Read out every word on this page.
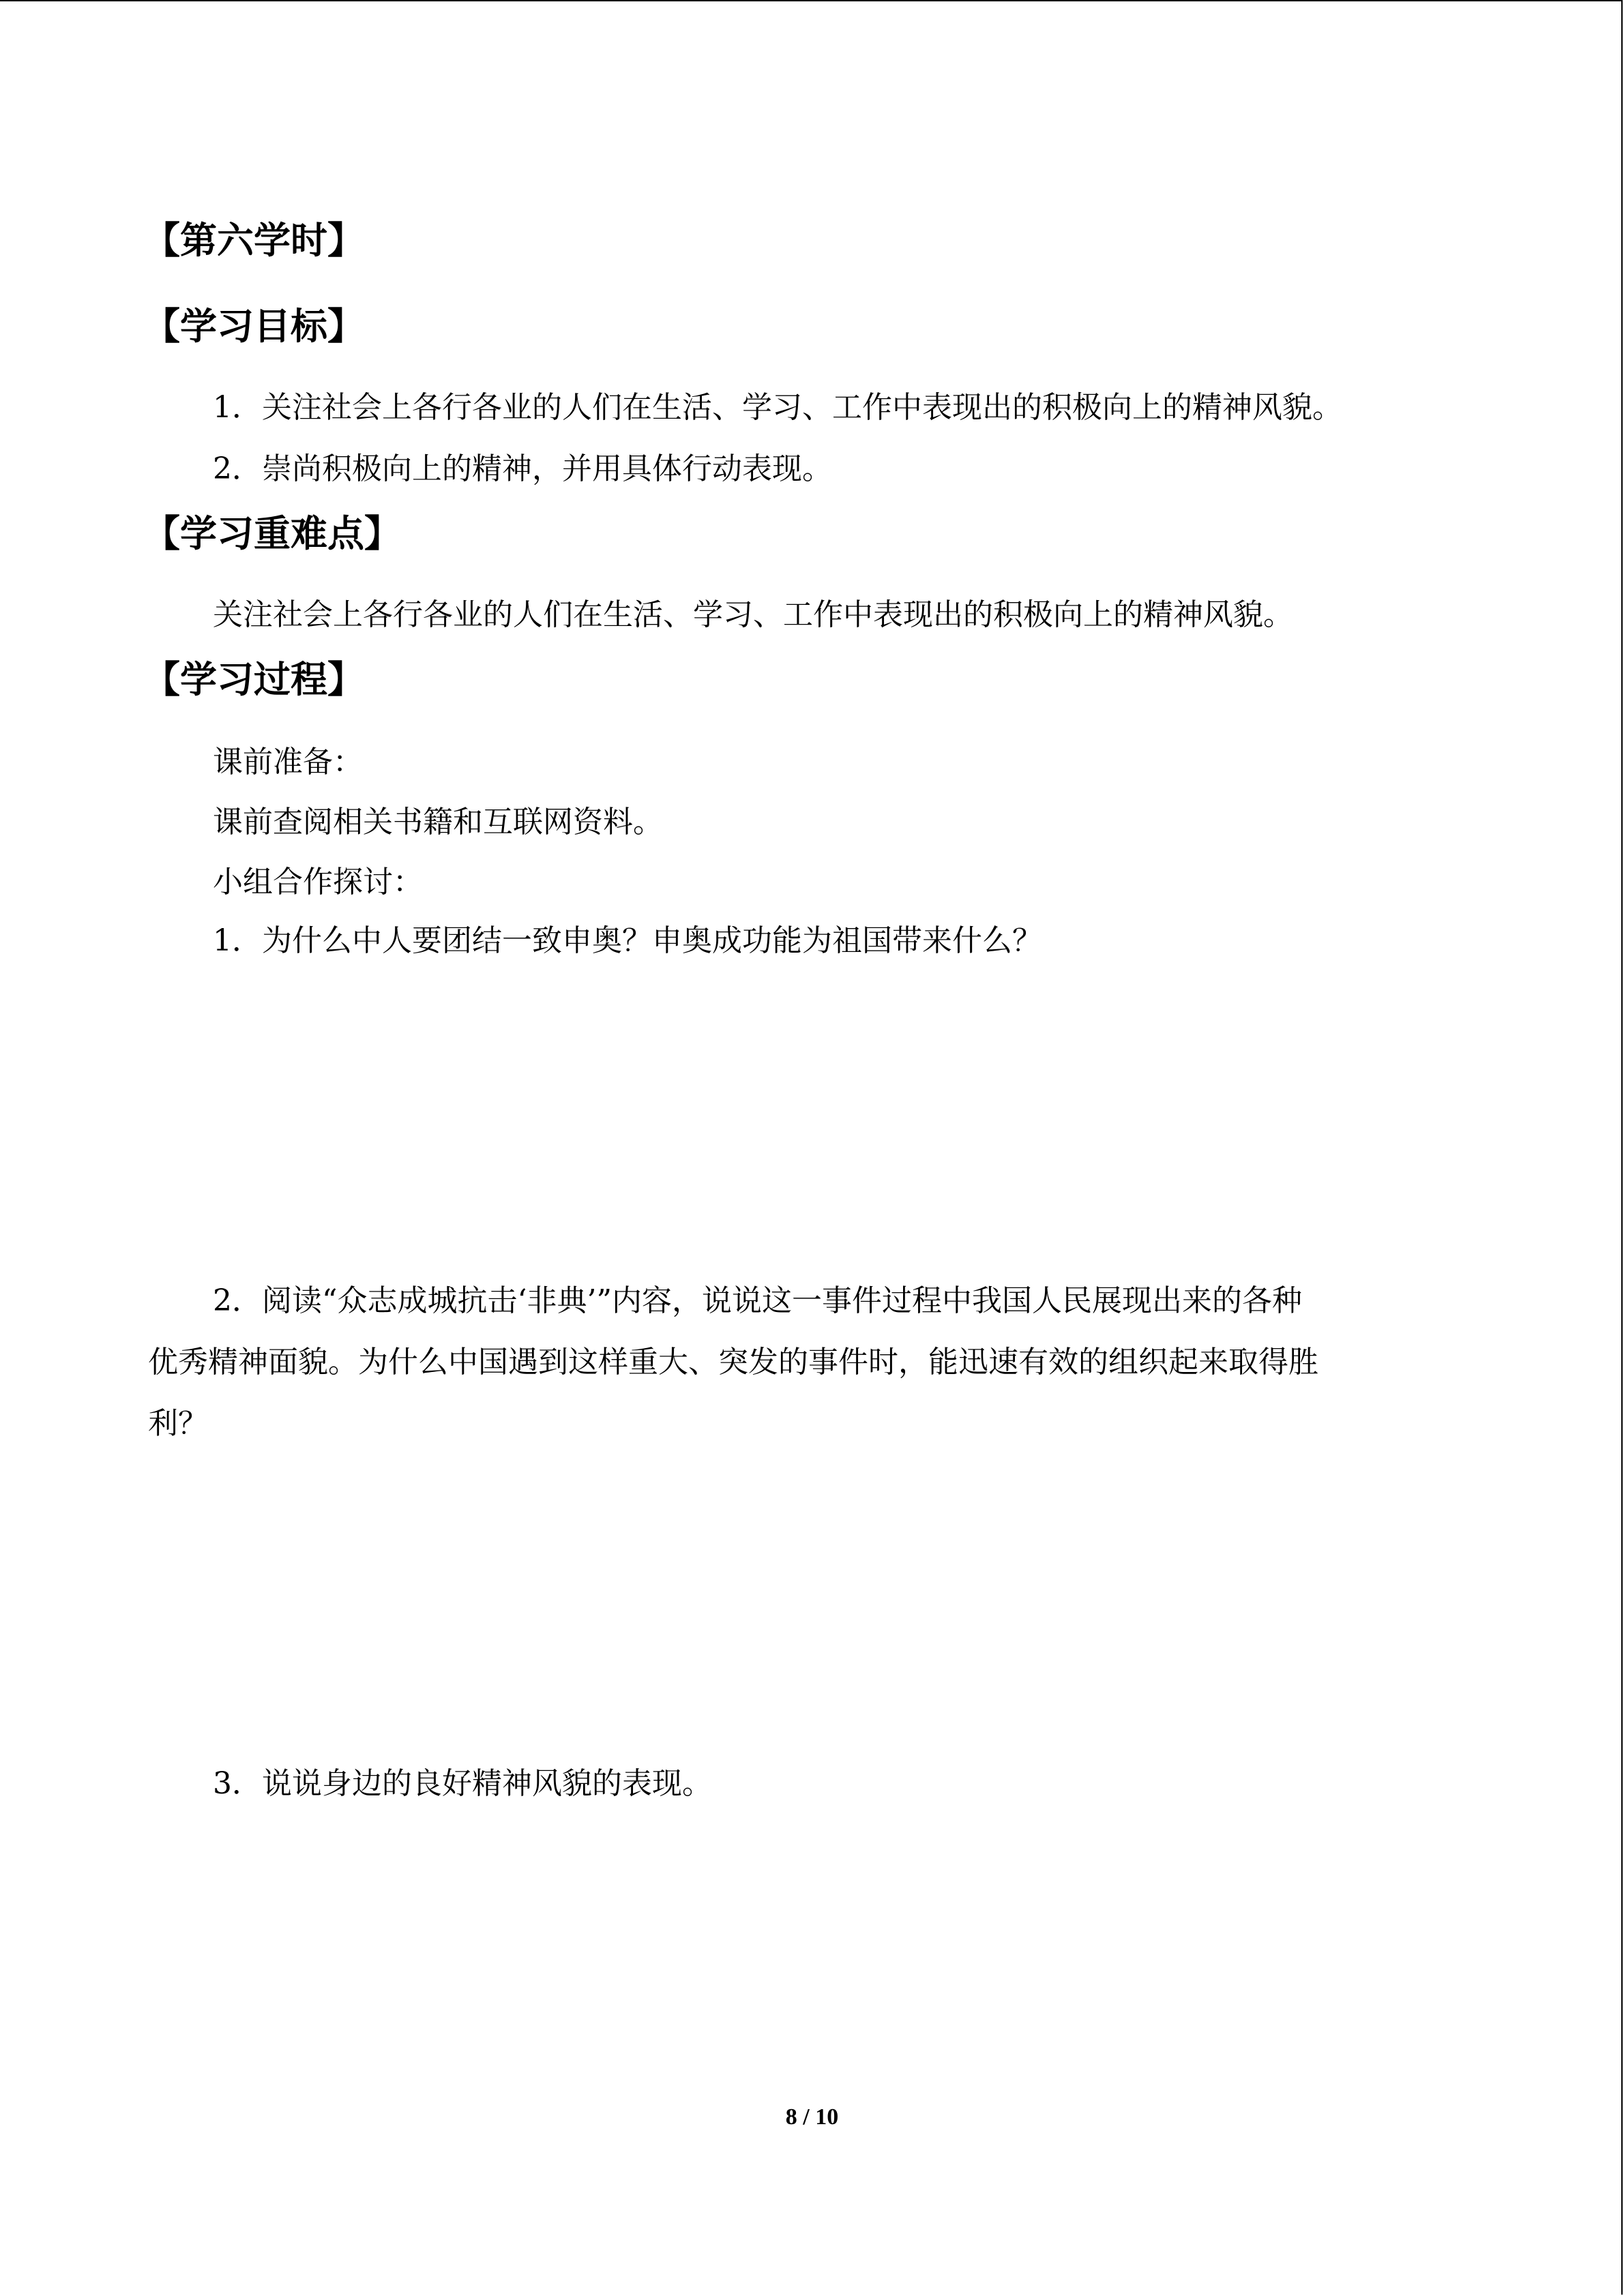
【第六学时】
【学习目标】
1．关注社会上各行各业的人们在生活、学习、工作中表现出的积极向上的精神风貌。
2．崇尚积极向上的精神，并用具体行动表现。
【学习重难点】
关注社会上各行各业的人们在生活、学习、工作中表现出的积极向上的精神风貌。
【学习过程】
课前准备：
课前查阅相关书籍和互联网资料。
小组合作探讨：
1．为什么中人要团结一致申奥？申奥成功能为祖国带来什么？
2．阅读“众志成城抗击‘非典’”内容，说说这一事件过程中我国人民展现出来的各种
优秀精神面貌。为什么中国遇到这样重大、突发的事件时，能迅速有效的组织起来取得胜
利？
3．说说身边的良好精神风貌的表现。
8 / 10
